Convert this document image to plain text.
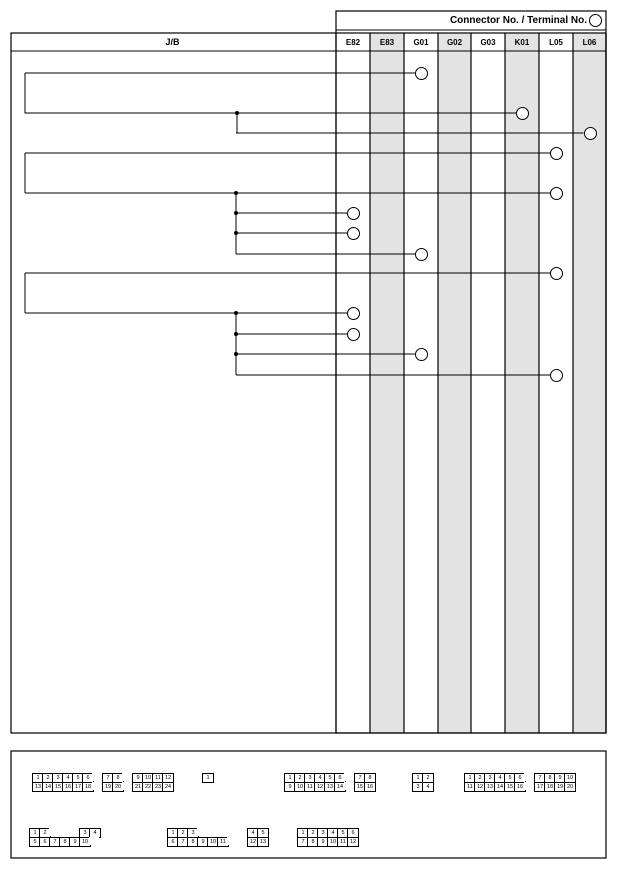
Connector No. / Terminal No.
J/B	E82	E83	G01	G02	G03	K01	L05	L06
1	2	3	4	5	6	7	8	9 10 11 12
13 14 15 16 17 18	19 20	21 22 23 24
1	1	2	3	4	5	6	7	8
9 10 11 12 13 14	15 16
1	2
3	4
1	2	3	4	5	6	7	8	9 10
11 12 13 14 15 16	17 18 19 20
1	2	3	4
5	6	7	8	9 10
1	2	3	4	5
6	7	8	9 10 11	12 13
1	2	3	4	5	6
7	8	9 10 11 12
